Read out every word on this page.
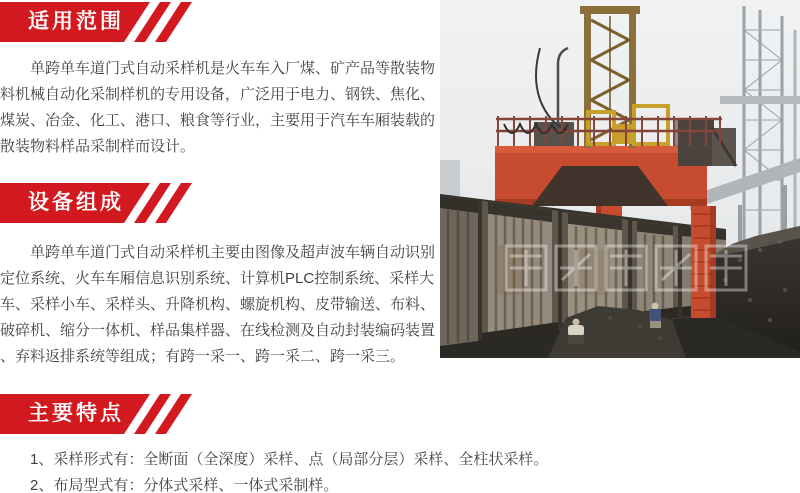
适用范围

单跨单车道门式自动采样机是火车车入厂煤、矿产品等散装物料机械自动化采制样机的专用设备，广泛用于电力、钢铁、焦化、煤炭、冶金、化工、港口、粮食等行业，主要用于汽车车厢装载的散装物料样品采制样而设计。

设备组成

单跨单车道门式自动采样机主要由图像及超声波车辆自动识别定位系统、火车车厢信息识别系统、计算机PLC控制系统、采样大车、采样小车、采样头、升降机构、螺旋机构、皮带输送、布料、破碎机、缩分一体机、样品集样器、在线检测及自动封装编码装置、弃料返排系统等组成；有跨一采一、跨一采二、跨一采三。

主要特点

1、采样形式有：全断面（全深度）采样、点（局部分层）采样、全柱状采样。

2、布局型式有：分体式采样、一体式采制样。
